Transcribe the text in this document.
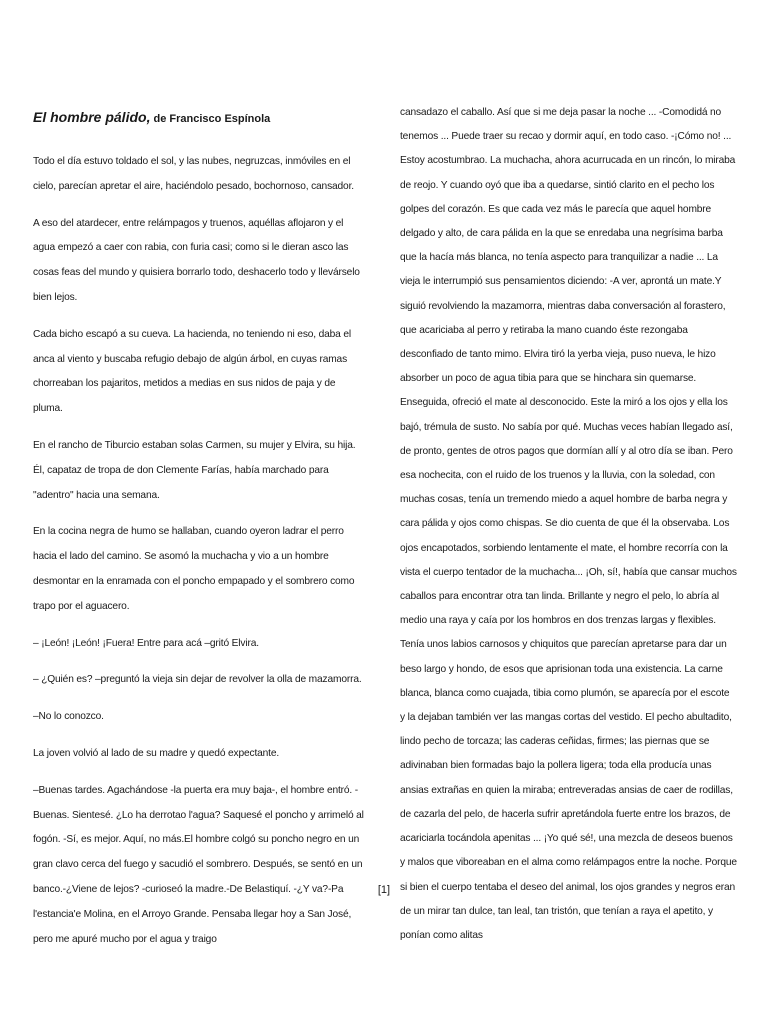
El hombre pálido, de Francisco Espínola

Todo el día estuvo toldado el sol, y las nubes, negruzcas, inmóviles en el cielo, parecían apretar el aire, haciéndolo pesado, bochornoso, cansador.

A eso del atardecer, entre relámpagos y truenos, aquéllas aflojaron y el agua empezó a caer con rabia, con furia casi; como si le dieran asco las cosas feas del mundo y quisiera borrarlo todo, deshacerlo todo y llevárselo bien lejos.

Cada bicho escapó a su cueva. La hacienda, no teniendo ni eso, daba el anca al viento y buscaba refugio debajo de algún árbol, en cuyas ramas chorreaban los pajaritos, metidos a medias en sus nidos de paja y de pluma.

En el rancho de Tiburcio estaban solas Carmen, su mujer y Elvira, su hija. Él, capataz de tropa de don Clemente Farías, había marchado para "adentro" hacia una semana.

En la cocina negra de humo se hallaban, cuando oyeron ladrar el perro hacia el lado del camino. Se asomó la muchacha y vio a un hombre desmontar en la enramada con el poncho empapado y el sombrero como trapo por el aguacero.

– ¡León! ¡León! ¡Fuera! Entre para acá –gritó Elvira.

– ¿Quién es? –preguntó la vieja sin dejar de revolver la olla de mazamorra.

–No lo conozco.

La joven volvió al lado de su madre y quedó expectante.

–Buenas tardes. Agachándose -la puerta era muy baja-, el hombre entró. -Buenas. Sientesé. ¿Lo ha derrotao l'agua? Saquesé el poncho y arrimeló al fogón. -Sí, es mejor. Aquí, no más.El hombre colgó su poncho negro en un gran clavo cerca del fuego y sacudió el sombrero. Después, se sentó en un banco.-¿Viene de lejos? -curioseó la madre.-De Belastiquí. -¿Y va?-Pa l'estancia'e Molina, en el Arroyo Grande. Pensaba llegar hoy a San José, pero me apuré mucho por el agua y traigo

cansadazo el caballo. Así que si me deja pasar la noche ... -Comodidá no tenemos ... Puede traer su recao y dormir aquí, en todo caso. -¡Cómo no! ... Estoy acostumbrao. La muchacha, ahora acurrucada en un rincón, lo miraba de reojo. Y cuando oyó que iba a quedarse, sintió clarito en el pecho los golpes del corazón. Es que cada vez más le parecía que aquel hombre delgado y alto, de cara pálida en la que se enredaba una negrísima barba que la hacía más blanca, no tenía aspecto para tranquilizar a nadie ... La vieja le interrumpió sus pensamientos diciendo: -A ver, aprontá un mate.Y siguió revolviendo la mazamorra, mientras daba conversación al forastero, que acariciaba al perro y retiraba la mano cuando éste rezongaba desconfiado de tanto mimo. Elvira tiró la yerba vieja, puso nueva, le hizo absorber un poco de agua tibia para que se hinchara sin quemarse. Enseguida, ofreció el mate al desconocido. Este la miró a los ojos y ella los bajó, trémula de susto. No sabía por qué. Muchas veces habían llegado así, de pronto, gentes de otros pagos que dormían allí y al otro día se iban. Pero esa nochecita, con el ruido de los truenos y la lluvia, con la soledad, con muchas cosas, tenía un tremendo miedo a aquel hombre de barba negra y cara pálida y ojos como chispas. Se dio cuenta de que él la observaba. Los ojos encapotados, sorbiendo lentamente el mate, el hombre recorría con la vista el cuerpo tentador de la muchacha... ¡Oh, sí!, había que cansar muchos caballos para encontrar otra tan linda. Brillante y negro el pelo, lo abría al medio una raya y caía por los hombros en dos trenzas largas y flexibles. Tenía unos labios carnosos y chiquitos que parecían apretarse para dar un beso largo y hondo, de esos que aprisionan toda una existencia. La carne blanca, blanca como cuajada, tibia como plumón, se aparecía por el escote y la dejaban también ver las mangas cortas del vestido. El pecho abultadito, lindo pecho de torcaza; las caderas ceñidas, firmes; las piernas que se adivinaban bien formadas bajo la pollera ligera; toda ella producía unas ansias extrañas en quien la miraba; entreveradas ansias de caer de rodillas, de cazarla del pelo, de hacerla sufrir apretándola fuerte entre los brazos, de acariciarla tocándola apenitas ... ¡Yo qué sé!, una mezcla de deseos buenos y malos que viboreaban en el alma como relámpagos entre la noche. Porque si bien el cuerpo tentaba el deseo del animal, los ojos grandes y negros eran de un mirar tan dulce, tan leal, tan tristón, que tenían a raya el apetito, y ponían como alitas

[1]
